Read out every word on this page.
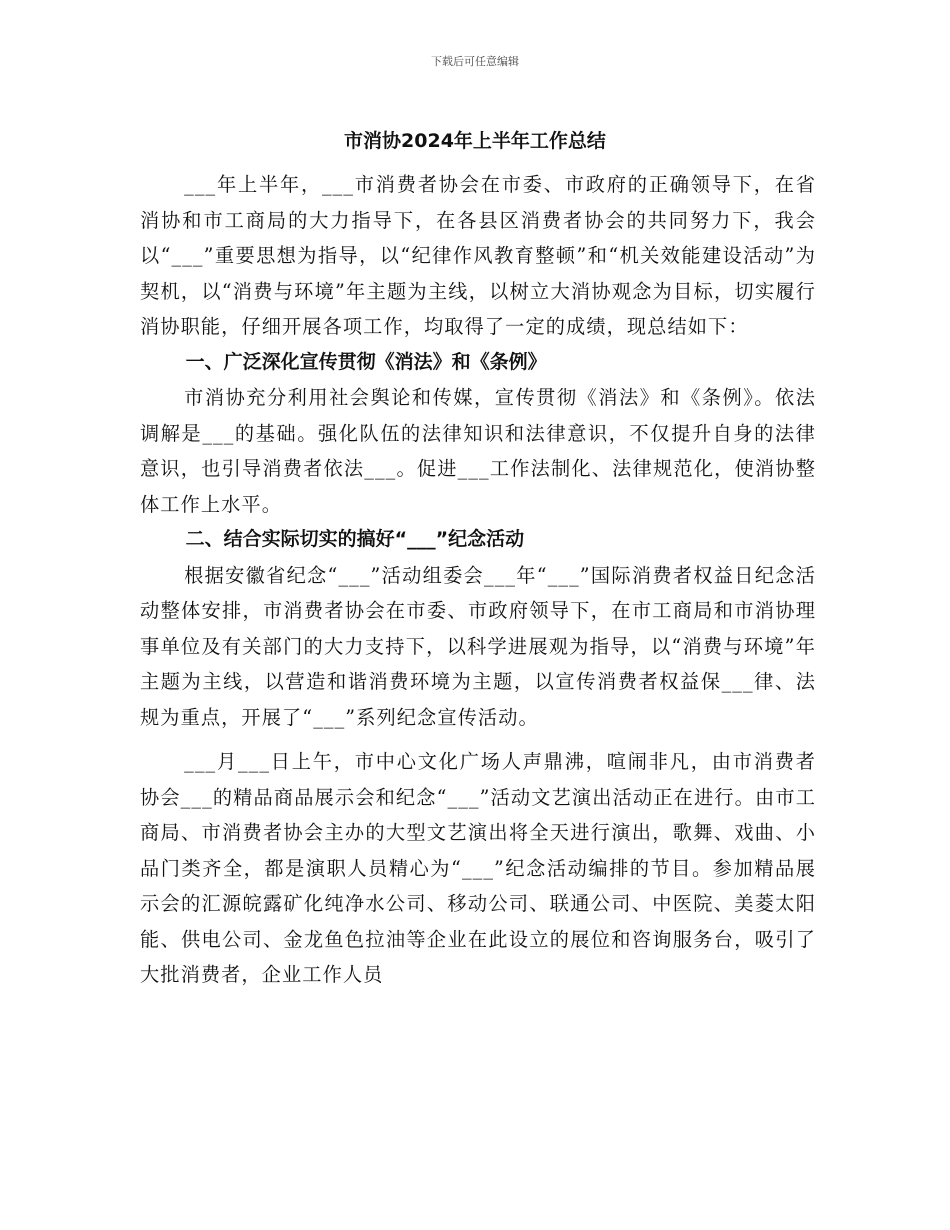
下载后可任意编辑
市消协2024年上半年工作总结

___年上半年，___市消费者协会在市委、市政府的正确领导下，在省消协和市工商局的大力指导下，在各县区消费者协会的共同努力下，我会以“___”重要思想为指导，以“纪律作风教育整顿”和“机关效能建设活动”为契机，以“消费与环境”年主题为主线，以树立大消协观念为目标，切实履行消协职能，仔细开展各项工作，均取得了一定的成绩，现总结如下：

一、广泛深化宣传贯彻《消法》和《条例》

市消协充分利用社会舆论和传媒，宣传贯彻《消法》和《条例》。依法调解是___的基础。强化队伍的法律知识和法律意识，不仅提升自身的法律意识，也引导消费者依法___。促进___工作法制化、法律规范化，使消协整体工作上水平。

二、结合实际切实的搞好“___”纪念活动

根据安徽省纪念“___”活动组委会___年“___”国际消费者权益日纪念活动整体安排，市消费者协会在市委、市政府领导下，在市工商局和市消协理事单位及有关部门的大力支持下，以科学进展观为指导，以“消费与环境”年主题为主线，以营造和谐消费环境为主题，以宣传消费者权益保___律、法规为重点，开展了“___”系列纪念宣传活动。

___月___日上午，市中心文化广场人声鼎沸，喧闹非凡，由市消费者协会___的精品商品展示会和纪念“___”活动文艺演出活动正在进行。由市工商局、市消费者协会主办的大型文艺演出将全天进行演出，歌舞、戏曲、小品门类齐全，都是演职人员精心为“___”纪念活动编排的节目。参加精品展示会的汇源皖露矿化纯净水公司、移动公司、联通公司、中医院、美菱太阳能、供电公司、金龙鱼色拉油等企业在此设立的展位和咨询服务台，吸引了大批消费者，企业工作人员
